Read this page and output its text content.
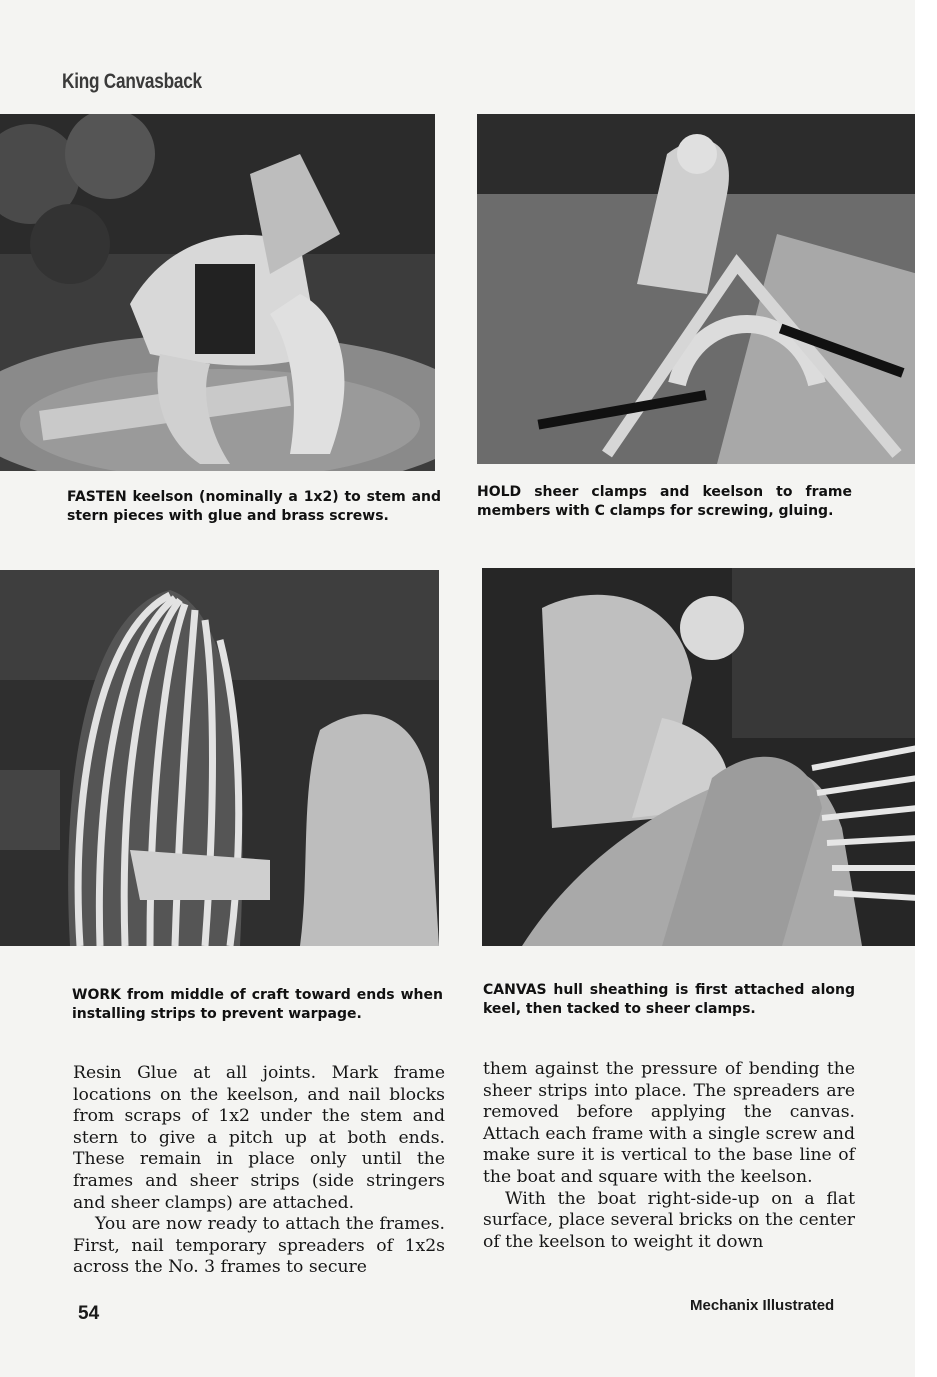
King Canvasback
FASTEN keelson (nominally a 1x2) to stem and stern pieces with glue and brass screws.
HOLD sheer clamps and keelson to frame members with C clamps for screwing, gluing.
WORK from middle of craft toward ends when installing strips to prevent warpage.
CANVAS hull sheathing is first attached along keel, then tacked to sheer clamps.

Resin Glue at all joints. Mark frame locations on the keelson, and nail blocks from scraps of 1x2 under the stem and stern to give a pitch up at both ends. These remain in place only until the frames and sheer strips (side stringers and sheer clamps) are attached.

You are now ready to attach the frames. First, nail temporary spreaders of 1x2s across the No. 3 frames to secure

them against the pressure of bending the sheer strips into place. The spreaders are removed before applying the canvas. Attach each frame with a single screw and make sure it is vertical to the base line of the boat and square with the keelson.

With the boat right-side-up on a flat surface, place several bricks on the center of the keelson to weight it down

54	Mechanix Illustrated
